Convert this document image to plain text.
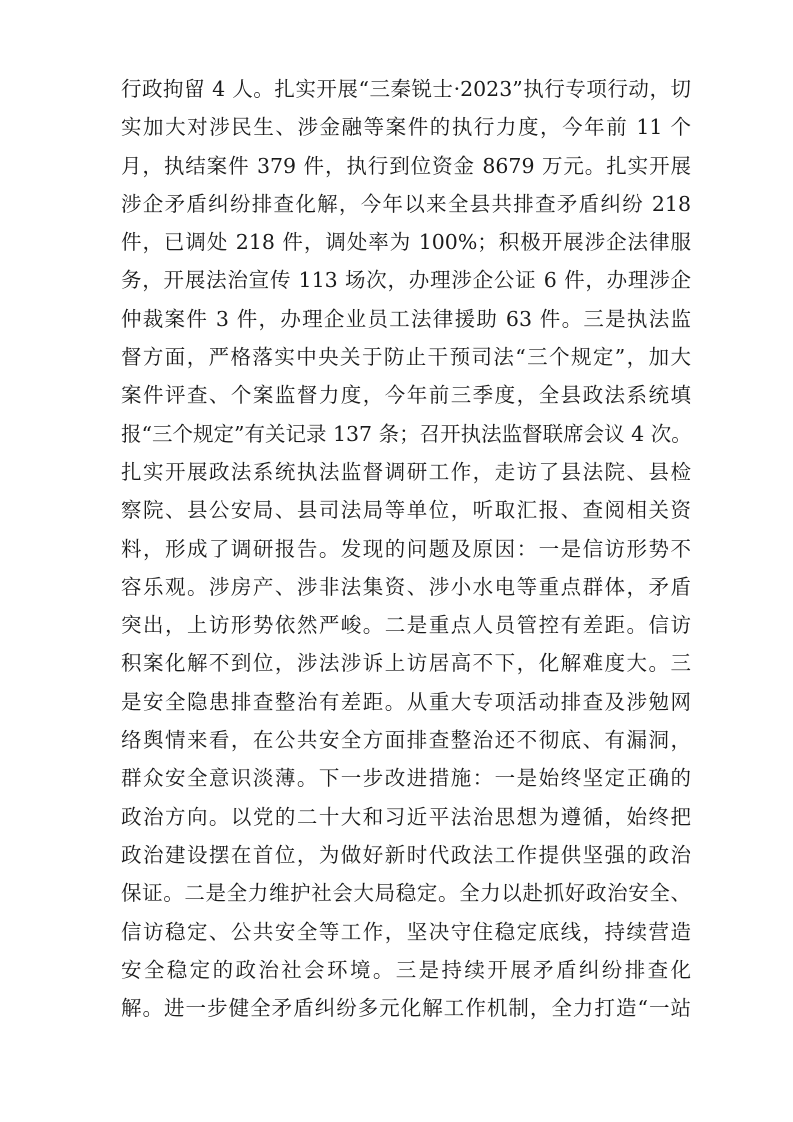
行政拘留 4 人。扎实开展“三秦锐士·2023”执行专项行动，切
实加大对涉民生、涉金融等案件的执行力度，今年前 11 个
月，执结案件 379 件，执行到位资金 8679 万元。扎实开展
涉企矛盾纠纷排查化解，今年以来全县共排查矛盾纠纷 218
件，已调处 218 件，调处率为 100%；积极开展涉企法律服
务，开展法治宣传 113 场次，办理涉企公证 6 件，办理涉企
仲裁案件 3 件，办理企业员工法律援助 63 件。三是执法监
督方面，严格落实中央关于防止干预司法“三个规定”，加大
案件评查、个案监督力度，今年前三季度，全县政法系统填
报“三个规定”有关记录 137 条；召开执法监督联席会议 4 次。
扎实开展政法系统执法监督调研工作，走访了县法院、县检
察院、县公安局、县司法局等单位，听取汇报、查阅相关资
料，形成了调研报告。发现的问题及原因：一是信访形势不
容乐观。涉房产、涉非法集资、涉小水电等重点群体，矛盾
突出，上访形势依然严峻。二是重点人员管控有差距。信访
积案化解不到位，涉法涉诉上访居高不下，化解难度大。三
是安全隐患排查整治有差距。从重大专项活动排查及涉勉网
络舆情来看，在公共安全方面排查整治还不彻底、有漏洞，
群众安全意识淡薄。下一步改进措施：一是始终坚定正确的
政治方向。以党的二十大和习近平法治思想为遵循，始终把
政治建设摆在首位，为做好新时代政法工作提供坚强的政治
保证。二是全力维护社会大局稳定。全力以赴抓好政治安全、
信访稳定、公共安全等工作，坚决守住稳定底线，持续营造
安全稳定的政治社会环境。三是持续开展矛盾纠纷排查化
解。进一步健全矛盾纠纷多元化解工作机制，全力打造“一站
